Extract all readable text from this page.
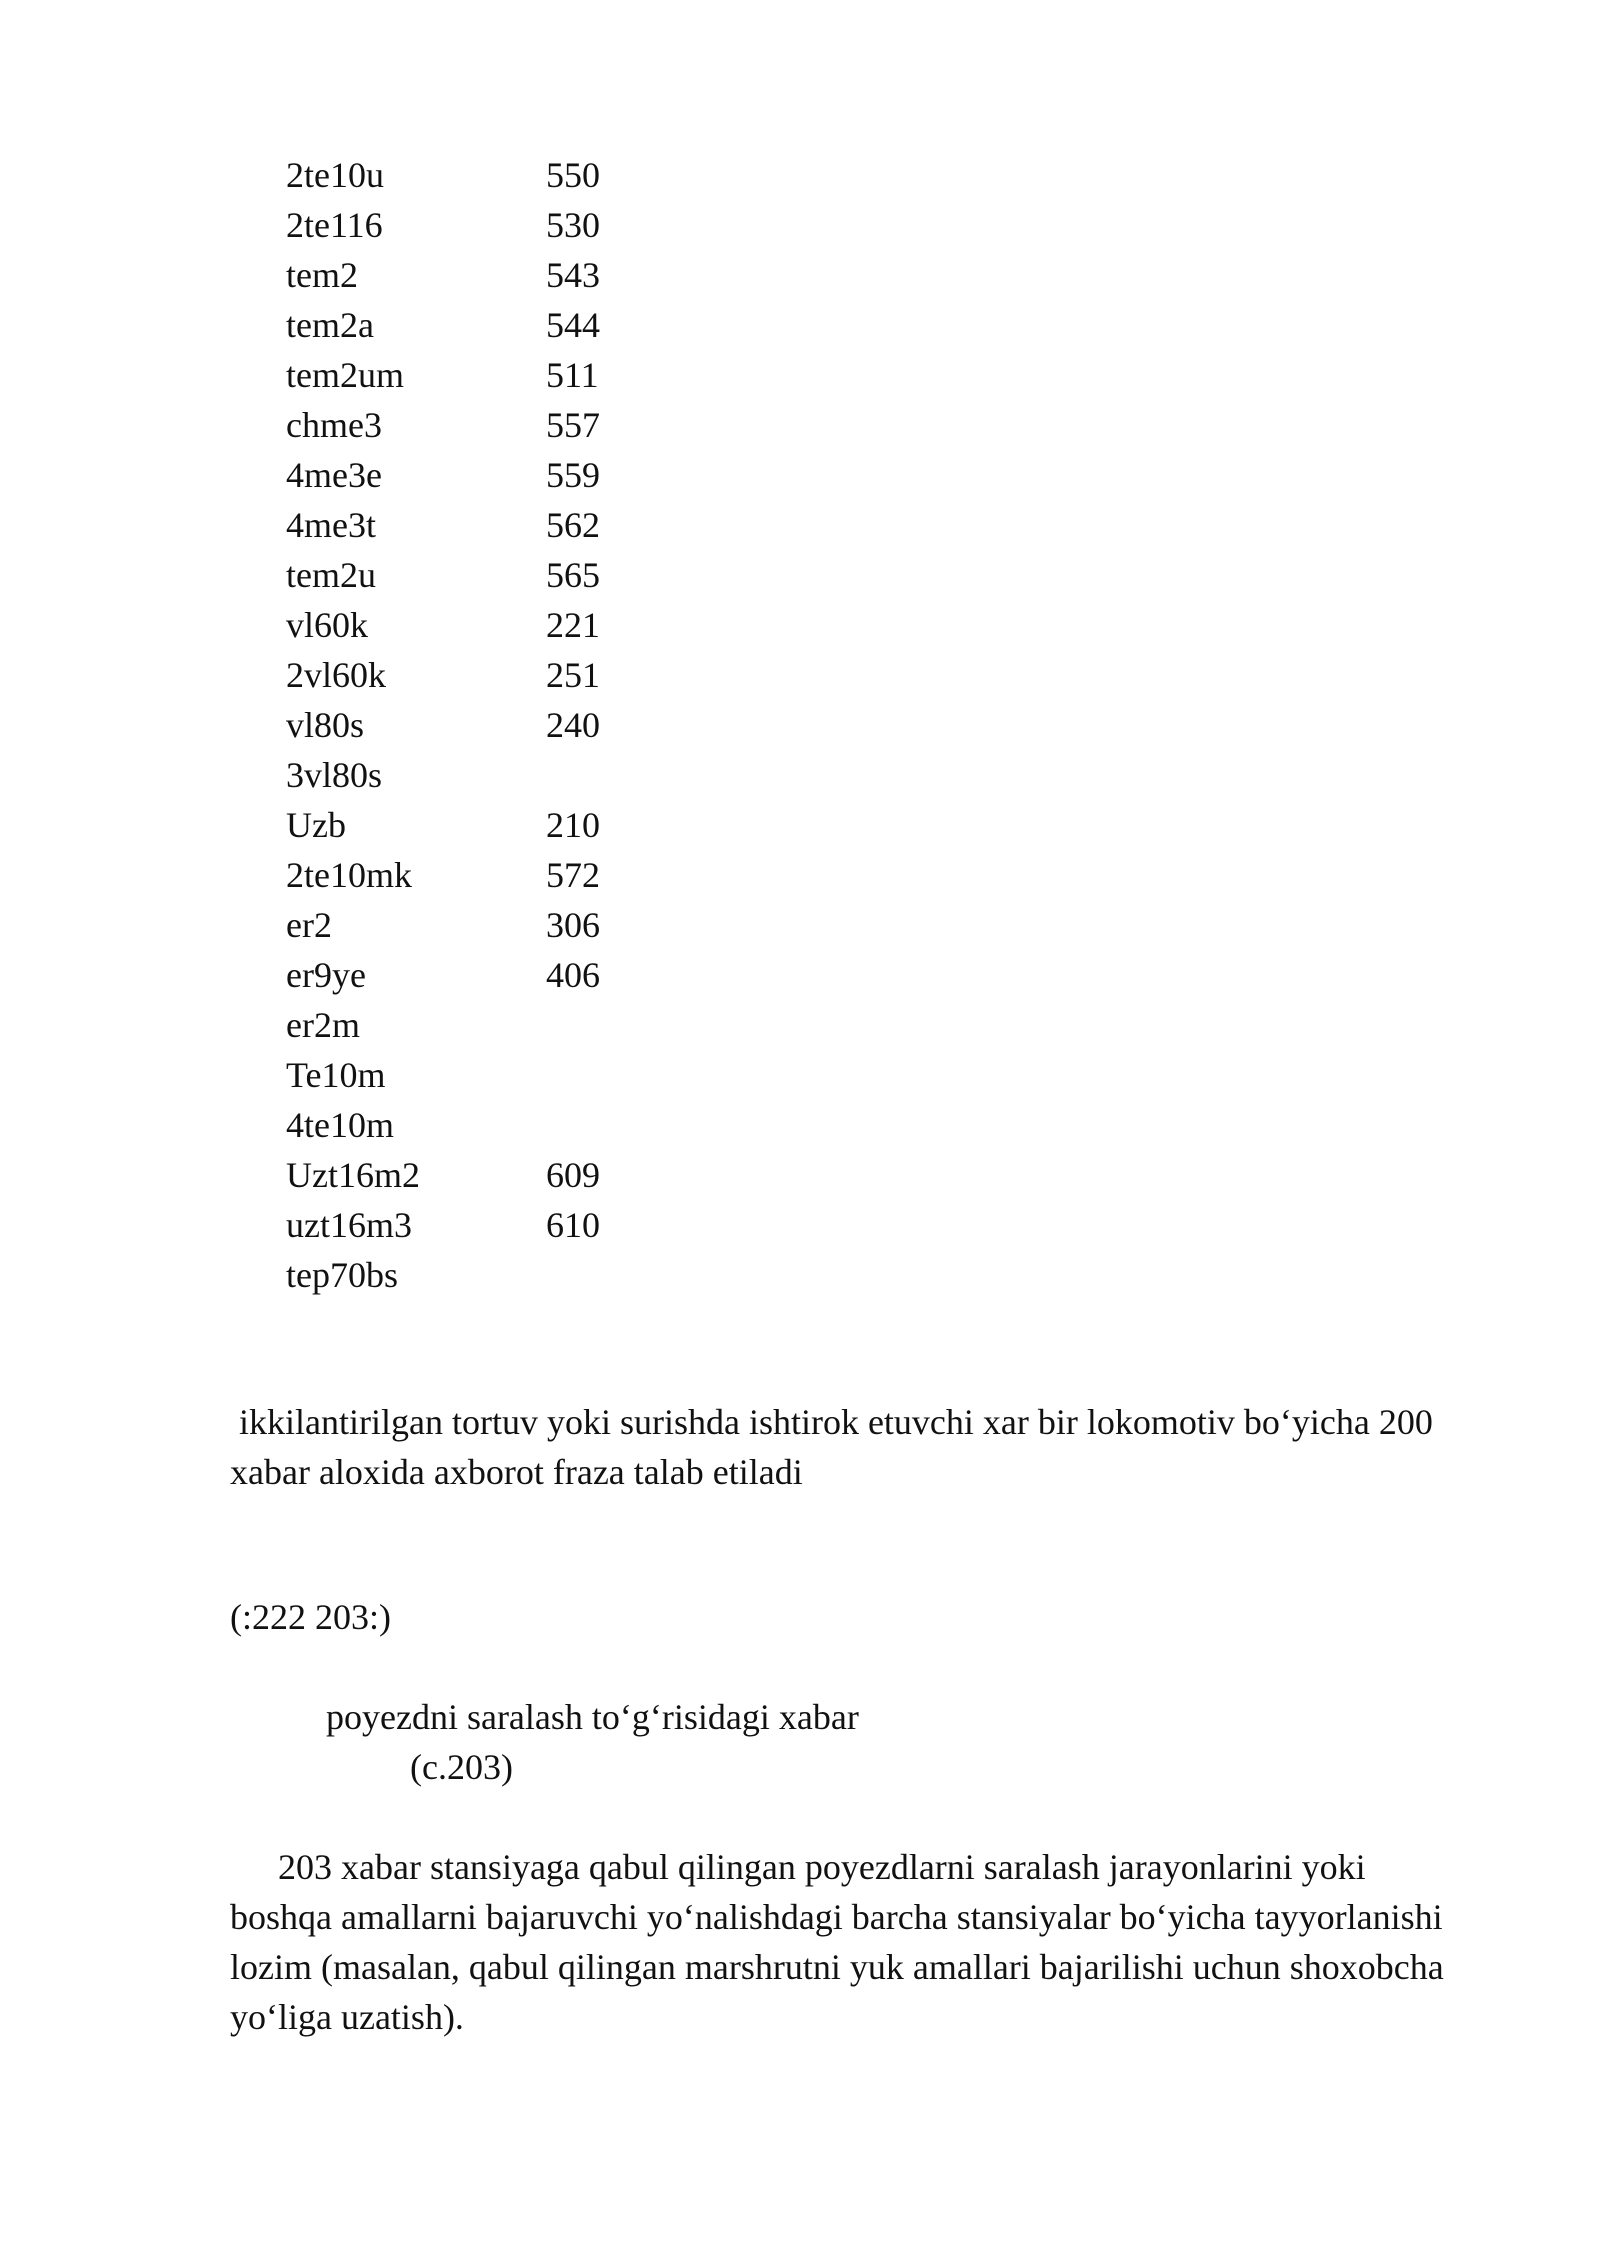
2te10u	550
2te116	530
tem2	543
tem2a	544
tem2um	511
chme3	557
4me3e	559
4me3t	562
tem2u	565
vl60k	221
2vl60k	251
vl80s	240
3vl80s
Uzb	210
2te10mk	572
er2	306
er9ye	406
er2m
Te10m
4te10m
Uzt16m2	609
uzt16m3	610
tep70bs
ikkilantirilgan tortuv yoki surishda ishtirok etuvchi xar bir lokomotiv bo‘yicha 200 xabar aloxida axborot fraza talab etiladi
(:222 203:)
poyezdni saralash to‘g‘risidagi xabar
(c.203)
203 xabar stansiyaga qabul qilingan poyezdlarni saralash jarayonlarini yoki boshqa amallarni bajaruvchi yo‘nalishdagi barcha stansiyalar bo‘yicha tayyorlanishi lozim (masalan, qabul qilingan marshrutni yuk amallari bajarilishi uchun shoxobcha yo‘liga uzatish).
